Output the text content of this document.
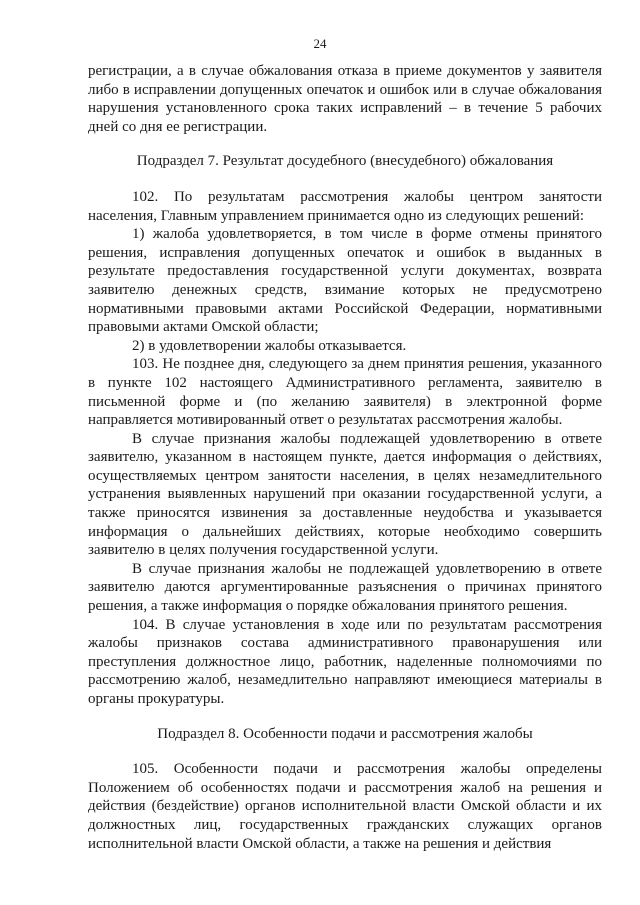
24

регистрации, а в случае обжалования отказа в приеме документов у заявителя либо в исправлении допущенных опечаток и ошибок или в случае обжалования нарушения установленного срока таких исправлений – в течение 5 рабочих дней со дня ее регистрации.

Подраздел 7. Результат досудебного (внесудебного) обжалования

102. По результатам рассмотрения жалобы центром занятости населения, Главным управлением принимается одно из следующих решений:

1) жалоба удовлетворяется, в том числе в форме отмены принятого решения, исправления допущенных опечаток и ошибок в выданных в результате предоставления государственной услуги документах, возврата заявителю денежных средств, взимание которых не предусмотрено нормативными правовыми актами Российской Федерации, нормативными правовыми актами Омской области;

2) в удовлетворении жалобы отказывается.

103. Не позднее дня, следующего за днем принятия решения, указанного в пункте 102 настоящего Административного регламента, заявителю в письменной форме и (по желанию заявителя) в электронной форме направляется мотивированный ответ о результатах рассмотрения жалобы.

В случае признания жалобы подлежащей удовлетворению в ответе заявителю, указанном в настоящем пункте, дается информация о действиях, осуществляемых центром занятости населения, в целях незамедлительного устранения выявленных нарушений при оказании государственной услуги, а также приносятся извинения за доставленные неудобства и указывается информация о дальнейших действиях, которые необходимо совершить заявителю в целях получения государственной услуги.

В случае признания жалобы не подлежащей удовлетворению в ответе заявителю даются аргументированные разъяснения о причинах принятого решения, а также информация о порядке обжалования принятого решения.

104. В случае установления в ходе или по результатам рассмотрения жалобы признаков состава административного правонарушения или преступления должностное лицо, работник, наделенные полномочиями по рассмотрению жалоб, незамедлительно направляют имеющиеся материалы в органы прокуратуры.

Подраздел 8. Особенности подачи и рассмотрения жалобы

105. Особенности подачи и рассмотрения жалобы определены Положением об особенностях подачи и рассмотрения жалоб на решения и действия (бездействие) органов исполнительной власти Омской области и их должностных лиц, государственных гражданских служащих органов исполнительной власти Омской области, а также на решения и действия
